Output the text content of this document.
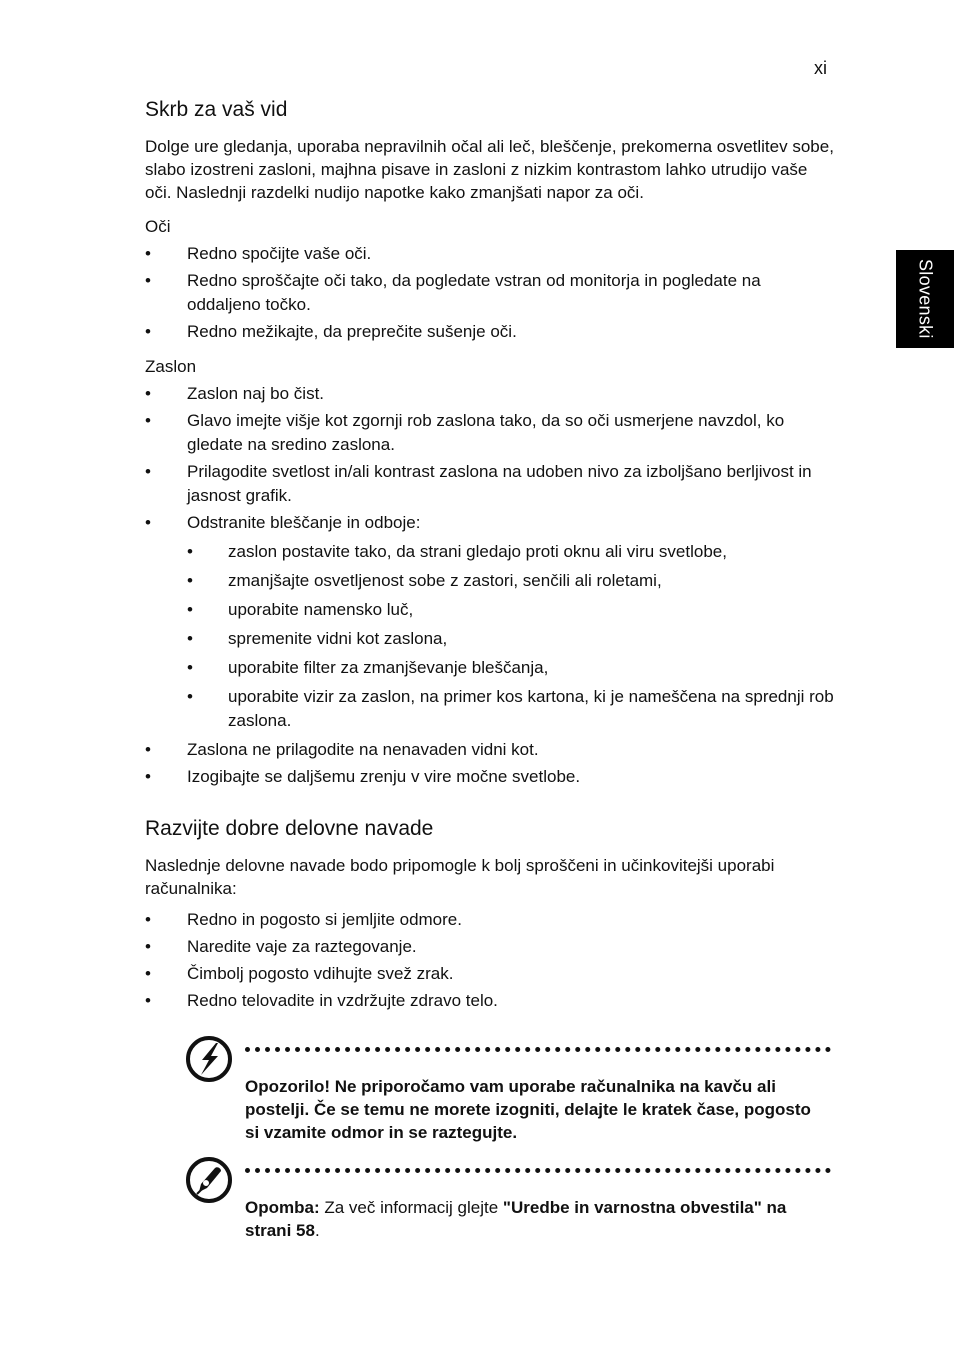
xi
Slovenski
Skrb za vaš vid

Dolge ure gledanja, uporaba nepravilnih očal ali leč, bleščenje, prekomerna osvetlitev sobe, slabo izostreni zasloni, majhna pisave in zasloni z nizkim kontrastom lahko utrudijo vaše oči. Naslednji razdelki nudijo napotke kako zmanjšati napor za oči.

Oči
• Redno spočijte vaše oči.
• Redno sproščajte oči tako, da pogledate vstran od monitorja in pogledate na oddaljeno točko.
• Redno mežikajte, da preprečite sušenje oči.
Zaslon
• Zaslon naj bo čist.
• Glavo imejte višje kot zgornji rob zaslona tako, da so oči usmerjene navzdol, ko gledate na sredino zaslona.
• Prilagodite svetlost in/ali kontrast zaslona na udoben nivo za izboljšano berljivost in jasnost grafik.
• Odstranite bleščanje in odboje:
• zaslon postavite tako, da strani gledajo proti oknu ali viru svetlobe,
• zmanjšajte osvetljenost sobe z zastori, senčili ali roletami,
• uporabite namensko luč,
• spremenite vidni kot zaslona,
• uporabite filter za zmanjševanje bleščanja,
• uporabite vizir za zaslon, na primer kos kartona, ki je nameščena na sprednji rob zaslona.
• Zaslona ne prilagodite na nenavaden vidni kot.
• Izogibajte se daljšemu zrenju v vire močne svetlobe.
Razvijte dobre delovne navade

Naslednje delovne navade bodo pripomogle k bolj sproščeni in učinkovitejši uporabi računalnika:

• Redno in pogosto si jemljite odmore.
• Naredite vaje za raztegovanje.
• Čimbolj pogosto vdihujte svež zrak.
• Redno telovadite in vzdržujte zdravo telo.
Opozorilo! Ne priporočamo vam uporabe računalnika na kavču ali postelji. Če se temu ne morete izogniti, delajte le kratek čase, pogosto si vzamite odmor in se raztegujte.
Opomba: Za več informacij glejte "Uredbe in varnostna obvestila" na strani 58.
